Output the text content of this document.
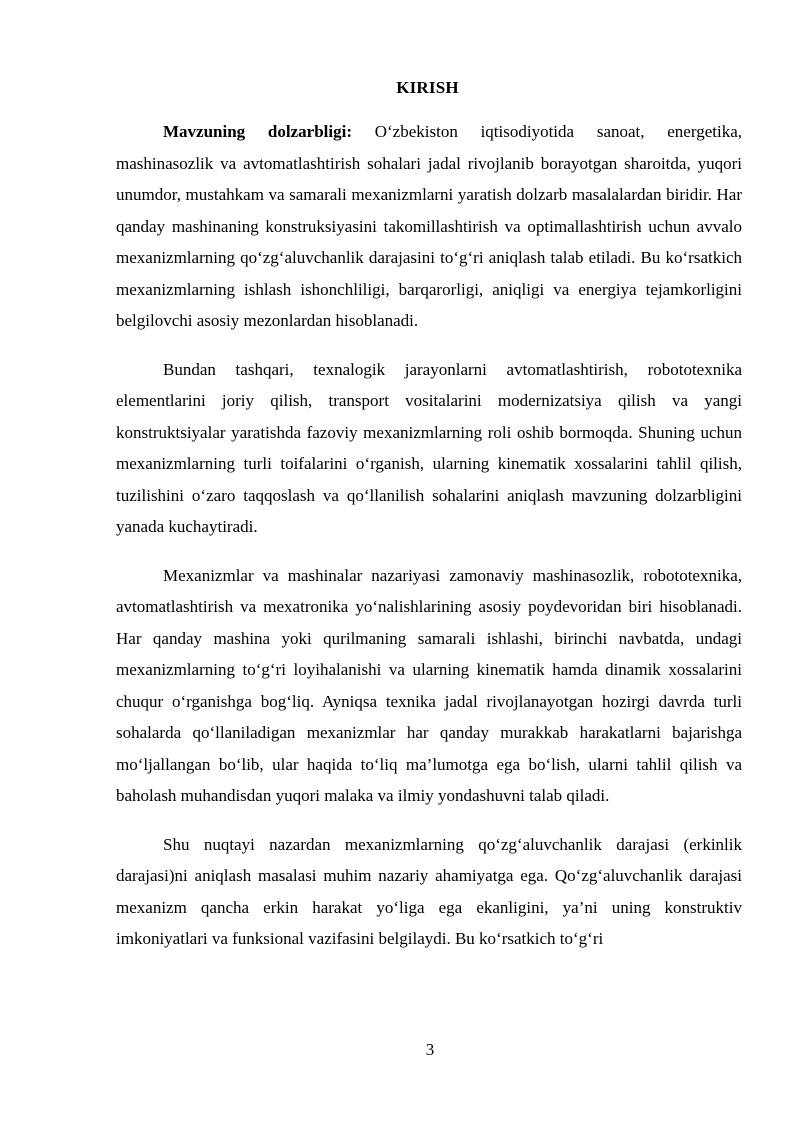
KIRISH

Mavzuning dolzarbligi: O‘zbekiston iqtisodiyotida sanoat, energetika, mashinasozlik va avtomatlashtirish sohalari jadal rivojlanib borayotgan sharoitda, yuqori unumdor, mustahkam va samarali mexanizmlarni yaratish dolzarb masalalardan biridir. Har qanday mashinaning konstruksiyasini takomillashtirish va optimallashtirish uchun avvalo mexanizmlarning qo‘zg‘aluvchanlik darajasini to‘g‘ri aniqlash talab etiladi. Bu ko‘rsatkich mexanizmlarning ishlash ishonchliligi, barqarorligi, aniqligi va energiya tejamkorligini belgilovchi asosiy mezonlardan hisoblanadi.

Bundan tashqari, texnalogik jarayonlarni avtomatlashtirish, robototexnika elementlarini joriy qilish, transport vositalarini modernizatsiya qilish va yangi konstruktsiyalar yaratishda fazoviy mexanizmlarning roli oshib bormoqda. Shuning uchun mexanizmlarning turli toifalarini o‘rganish, ularning kinematik xossalarini tahlil qilish, tuzilishini o‘zaro taqqoslash va qo‘llanilish sohalarini aniqlash mavzuning dolzarbligini yanada kuchaytiradi.

Mexanizmlar va mashinalar nazariyasi zamonaviy mashinasozlik, robototexnika, avtomatlashtirish va mexatronika yo‘nalishlarining asosiy poydevoridan biri hisoblanadi. Har qanday mashina yoki qurilmaning samarali ishlashi, birinchi navbatda, undagi mexanizmlarning to‘g‘ri loyihalanishi va ularning kinematik hamda dinamik xossalarini chuqur o‘rganishga bog‘liq. Ayniqsa texnika jadal rivojlanayotgan hozirgi davrda turli sohalarda qo‘llaniladigan mexanizmlar har qanday murakkab harakatlarni bajarishga mo‘ljallangan bo‘lib, ular haqida to‘liq ma’lumotga ega bo‘lish, ularni tahlil qilish va baholash muhandisdan yuqori malaka va ilmiy yondashuvni talab qiladi.

Shu nuqtayi nazardan mexanizmlarning qo‘zg‘aluvchanlik darajasi (erkinlik darajasi)ni aniqlash masalasi muhim nazariy ahamiyatga ega. Qo‘zg‘aluvchanlik darajasi mexanizm qancha erkin harakat yo‘liga ega ekanligini, ya’ni uning konstruktiv imkoniyatlari va funksional vazifasini belgilaydi. Bu ko‘rsatkich to‘g‘ri

3
